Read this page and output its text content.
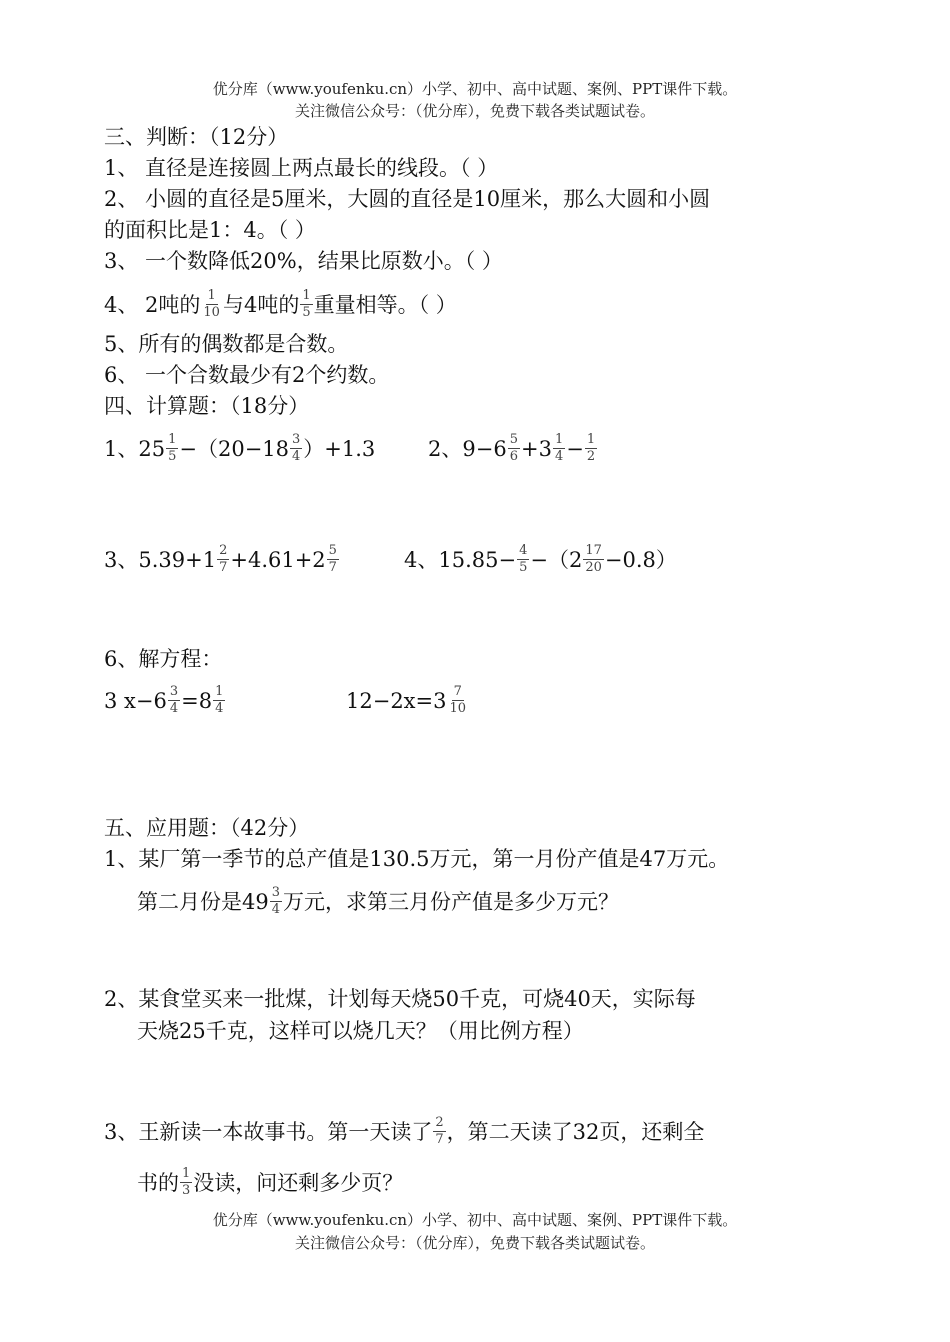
优分库（www.youfenku.cn）小学、初中、高中试题、案例、PPT课件下载。
关注微信公众号：（优分库），免费下载各类试题试卷。
三、判断：（12分）
1、 直径是连接圆上两点最长的线段。（ ）
2、 小圆的直径是5厘米，大圆的直径是10厘米，那么大圆和小圆
的面积比是1：4。（ ）
3、 一个数降低20%，结果比原数小。（ ）
4、 2吨的 $\frac{1}{10}$ 与4吨的 $\frac{1}{5}$ 重量相等。（ ）
5、所有的偶数都是合数。
6、 一个合数最少有2个约数。
四、计算题：（18分）
1、$25 \frac{1}{5} -(20-18 \frac{3}{4} )+1.3$	2、$9-6 \frac{5}{6} +3 \frac{1}{4} - \frac{1}{2}$
3、$5.39+1 \frac{2}{7} +4.61+2 \frac{5}{7}$	4、$15.85- \frac{4}{5} -(2 \frac{17}{20} -0.8)$
6、解方程：
3 $x-6 \frac{3}{4} =8 \frac{1}{4}$	$12-2x=3 \frac{7}{10}$
五、应用题：（42分）
1、某厂第一季节的总产值是130.5万元，第一月份产值是47万元。
第二月份是$49 \frac{3}{4}$ 万元，求第三月份产值是多少万元？
2、某食堂买来一批煤，计划每天烧50千克，可烧40天，实际每
天烧25千克，这样可以烧几天？（用比例方程）
3、王新读一本故事书。第一天读了 $\frac{2}{7}$ ，第二天读了32页，还剩全
书的 $\frac{1}{3}$ 没读，问还剩多少页？
优分库（www.youfenku.cn）小学、初中、高中试题、案例、PPT课件下载。
关注微信公众号：（优分库），免费下载各类试题试卷。
